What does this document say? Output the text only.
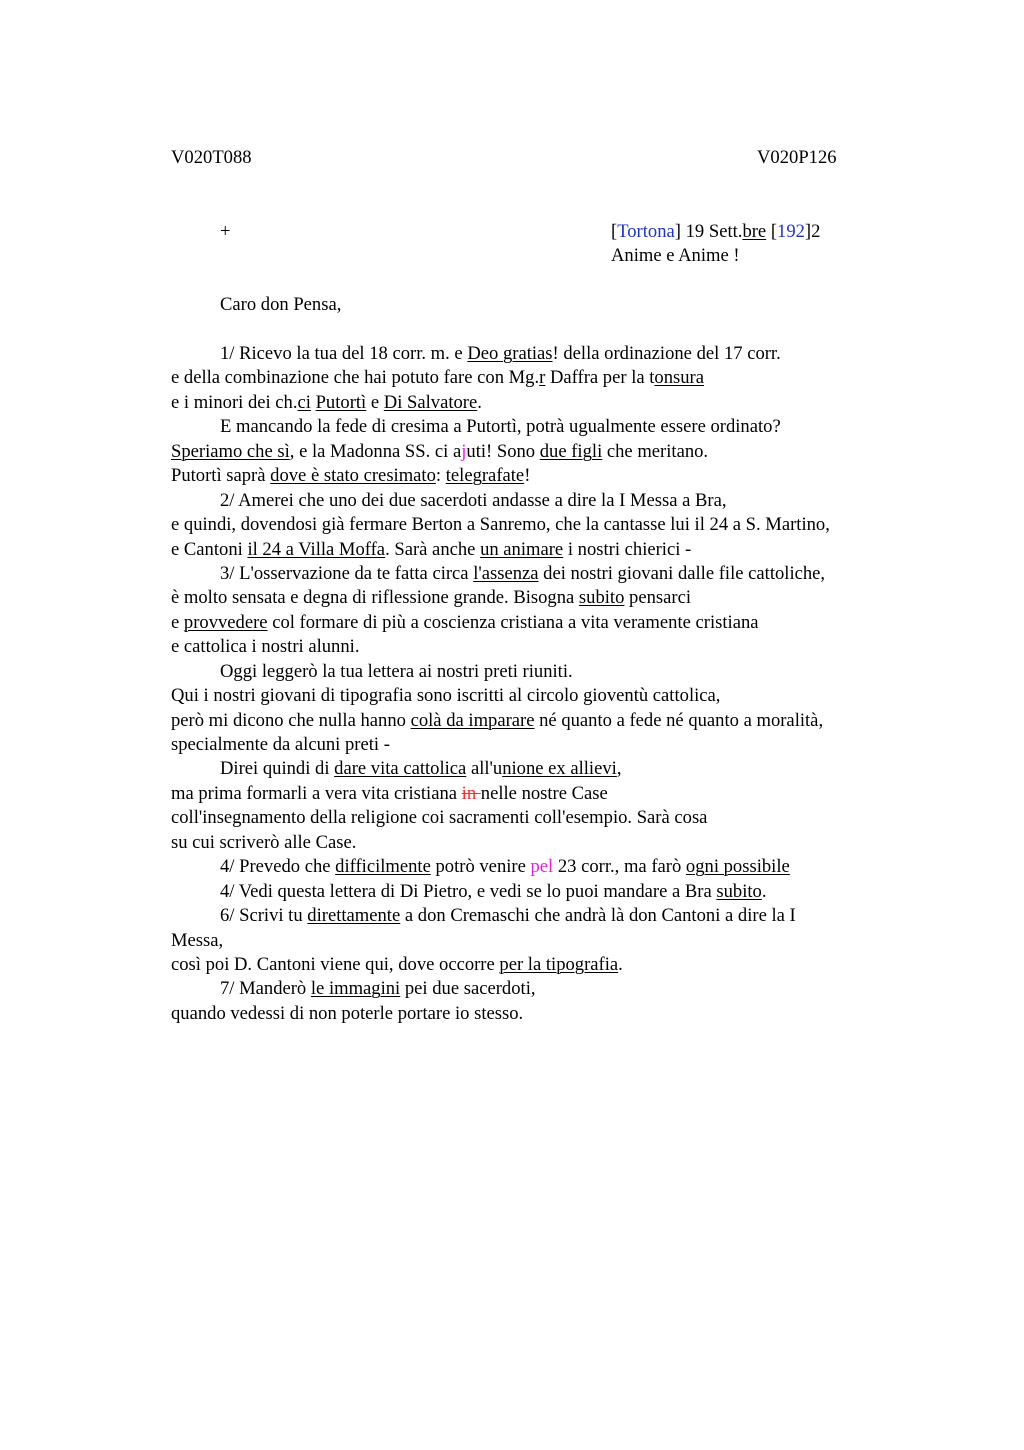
V020T088	V020P126
+	[Tortona] 19 Sett.bre [192]2
Anime e Anime !
Caro don Pensa,
1/ Ricevo la tua del 18 corr. m. e Deo gratias! della ordinazione del 17 corr.
e della combinazione che hai potuto fare con Mg.r Daffra per la tonsura
e i minori dei ch.ci Putortì e Di Salvatore.
E mancando la fede di cresima a Putortì, potrà ugualmente essere ordinato?
Speriamo che sì, e la Madonna SS. ci ajuti! Sono due figli che meritano.
Putortì saprà dove è stato cresimato: telegrafate!
2/ Amerei che uno dei due sacerdoti andasse a dire la I Messa a Bra,
e quindi, dovendosi già fermare Berton a Sanremo, che la cantasse lui il 24 a S. Martino,
e Cantoni il 24 a Villa Moffa. Sarà anche un animare i nostri chierici -
3/ L'osservazione da te fatta circa l'assenza dei nostri giovani dalle file cattoliche,
è molto sensata e degna di riflessione grande. Bisogna subito pensarci
e provvedere col formare di più a coscienza cristiana a vita veramente cristiana
e cattolica i nostri alunni.
Oggi leggerò la tua lettera ai nostri preti riuniti.
Qui i nostri giovani di tipografia sono iscritti al circolo gioventù cattolica,
però mi dicono che nulla hanno colà da imparare né quanto a fede né quanto a moralità,
specialmente da alcuni preti -
Direi quindi di dare vita cattolica all'unione ex allievi,
ma prima formarli a vera vita cristiana in nelle nostre Case
coll'insegnamento della religione coi sacramenti coll'esempio. Sarà cosa
su cui scriverò alle Case.
4/ Prevedo che difficilmente potrò venire pel 23 corr., ma farò ogni possibile
4/ Vedi questa lettera di Di Pietro, e vedi se lo puoi mandare a Bra subito.
6/ Scrivi tu direttamente a don Cremaschi che andrà là don Cantoni a dire la I
Messa,
così poi D. Cantoni viene qui, dove occorre per la tipografia.
7/ Manderò le immagini pei due sacerdoti,
quando vedessi di non poterle portare io stesso.
